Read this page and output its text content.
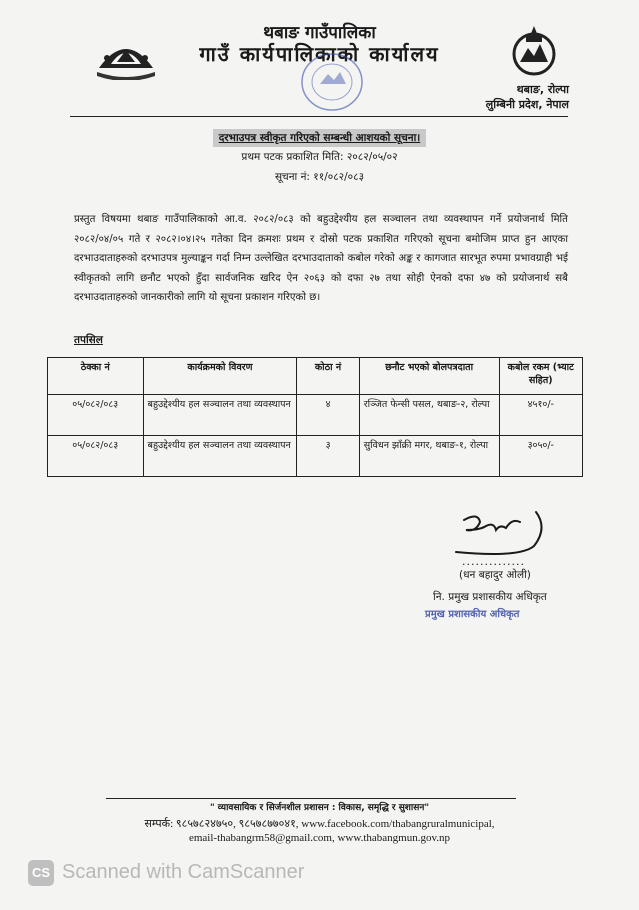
थबाङ गाउँपालिका
गाउँ कार्यपालिकाको कार्यालय
थबाङ, रोल्पा
लुम्बिनी प्रदेश, नेपाल
दरभाउपत्र स्वीकृत गरिएको सम्बन्धी आशयको सूचना।
प्रथम पटक प्रकाशित मिति: २०८२/०५/०२
सूचना नं: ११/०८२/०८३
प्रस्तुत विषयमा थबाङ गाउँपालिकाको आ.व. २०८२/०८३ को बहुउद्देश्यीय हल सञ्चालन तथा व्यवस्थापन गर्ने प्रयोजनार्थ मिति २०८२/०४/०५ गते र २०८२।०४।२५ गतेका दिन क्रमशः प्रथम र दोस्रो पटक प्रकाशित गरिएको सूचना बमोजिम प्राप्त हुन आएका दरभाउदाताहरुको दरभाउपत्र मुल्याङ्कन गर्दा निम्न उल्लेखित दरभाउदाताको कबोल गरेको अङ्क र कागजात सारभूत रुपमा प्रभावग्राही भई स्वीकृतको लागि छनौट भएको हुँदा सार्वजनिक खरिद ऐन २०६३ को दफा २७ तथा सोही ऐनको दफा ४७ को प्रयोजनार्थ सबै दरभाउदाताहरुको जानकारीको लागि यो सूचना प्रकाशन गरिएको छ।
तपसिल
ठेक्का नं	कार्यक्रमको विवरण	कोठा नं	छनौट भएको बोलपत्रदाता	कबोल रकम (भ्याट सहित)
०५/०८२/०८३	बहुउद्देश्यीय हल सञ्चालन तथा व्यवस्थापन	४	रञ्जित फेन्सी पसल, थबाङ-२, रोल्पा	४५१०/-
०५/०८२/०८३	बहुउद्देश्यीय हल सञ्चालन तथा व्यवस्थापन	३	सुविधन झाँक्री मगर, थबाङ-१, रोल्पा	३०५०/-
..............
(धन बहादुर ओली)
नि. प्रमुख प्रशासकीय अधिकृत
प्रमुख प्रशासकीय अधिकृत
" व्यावसायिक र सिर्जनशील प्रशासन : विकास, समृद्धि र सुशासन"
सम्पर्क: ९८५७८२४७५०, ९८५७८७७०४१, www.facebook.com/thabangruralmunicipal,
email-thabangrm58@gmail.com, www.thabangmun.gov.np
CS Scanned with CamScanner
